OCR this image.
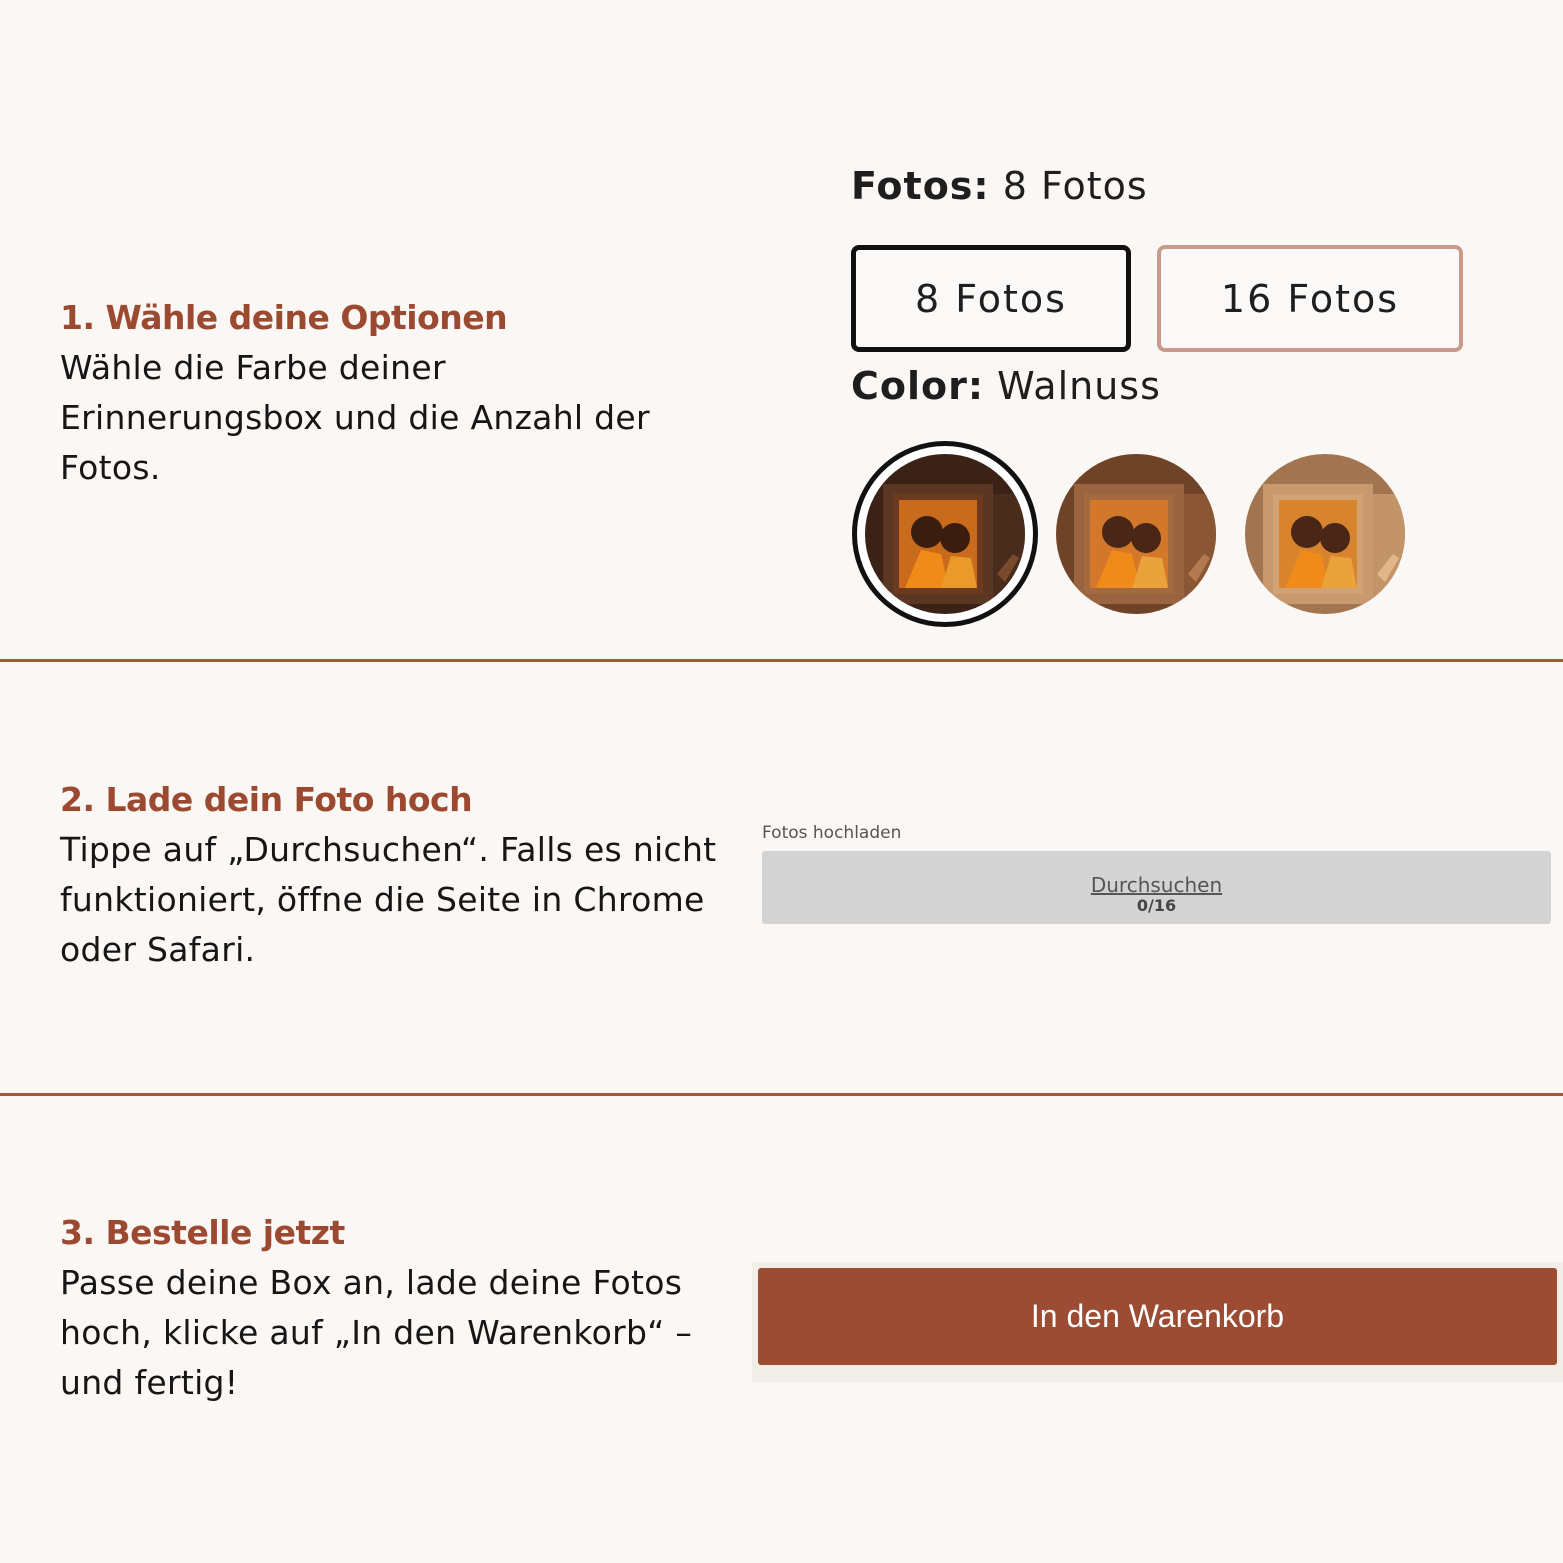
1. Wähle deine Optionen

Wähle die Farbe deiner Erinnerungsbox und die Anzahl der Fotos.

Fotos: 8 Fotos
8 Fotos	16 Fotos
Color: Walnuss

2. Lade dein Foto hoch

Tippe auf „Durchsuchen“. Falls es nicht funktioniert, öffne die Seite in Chrome oder Safari.

Fotos hochladen
Durchsuchen
0/16

3. Bestelle jetzt

Passe deine Box an, lade deine Fotos hoch, klicke auf „In den Warenkorb“ – und fertig!

In den Warenkorb
